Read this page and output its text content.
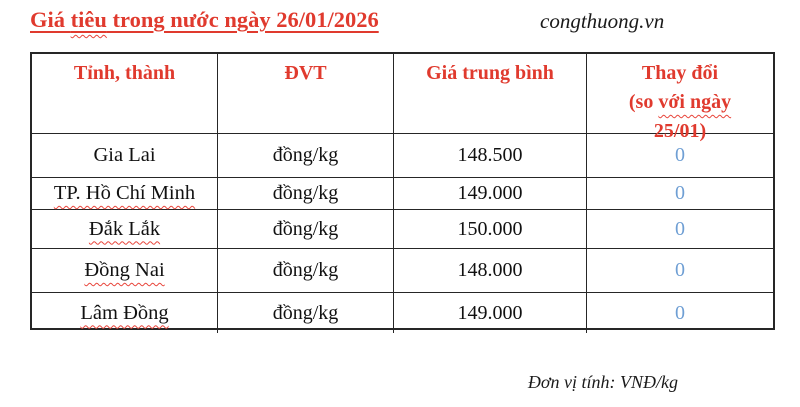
Giá tiêu trong nước ngày 26/01/2026	congthuong.vn
Tỉnh, thành	ĐVT	Giá trung bình	Thay đổi
(so với ngày
25/01)
Gia Lai	đồng/kg	148.500	0
TP. Hồ Chí Minh	đồng/kg	149.000	0
Đắk Lắk	đồng/kg	150.000	0
Đồng Nai	đồng/kg	148.000	0
Lâm Đồng	đồng/kg	149.000	0
Đơn vị tính: VNĐ/kg
